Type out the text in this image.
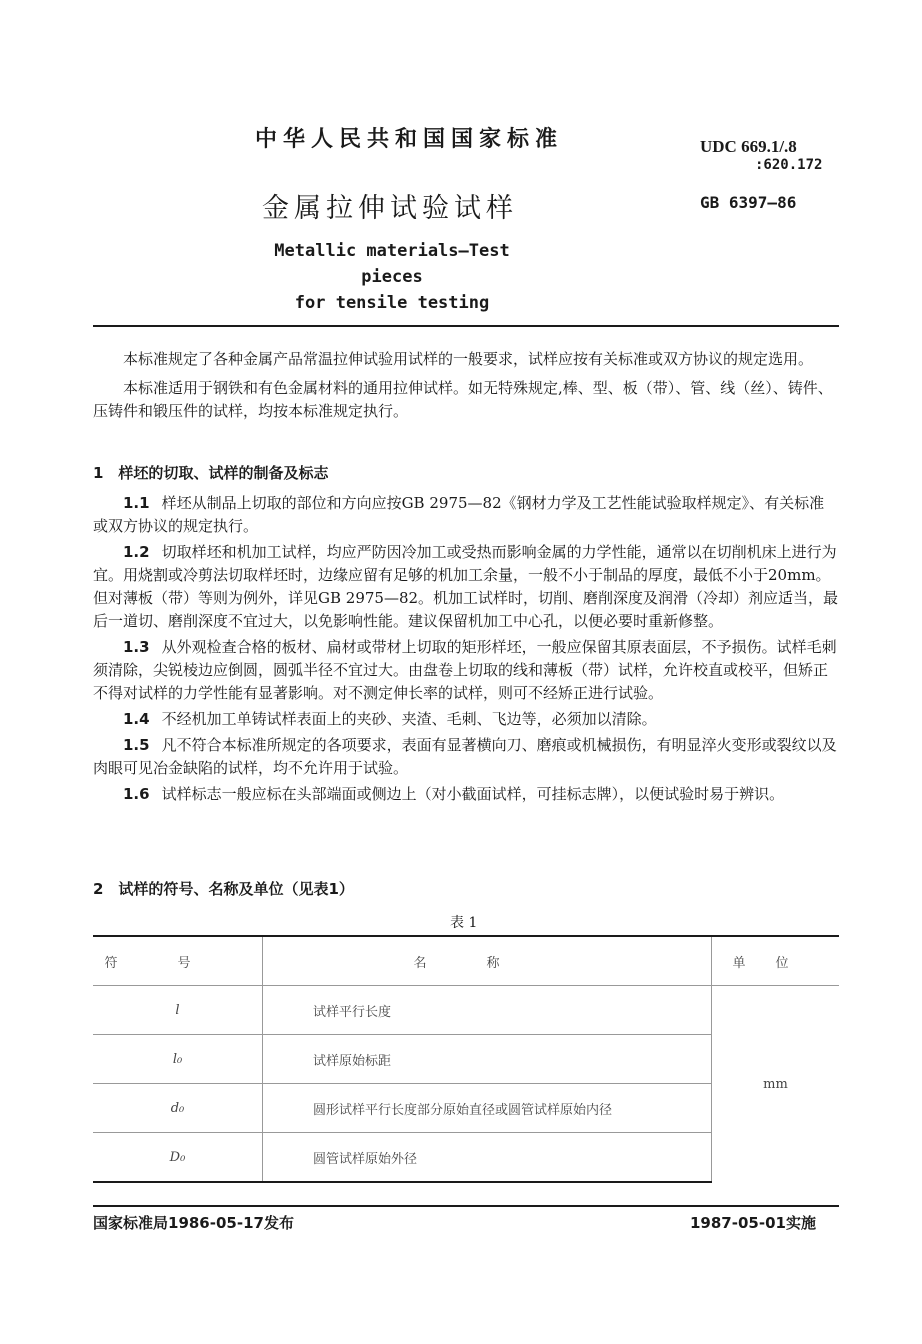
中华人民共和国国家标准	UDC 669.1/.8
:620.172
金属拉伸试验试样	GB 6397—86
Metallic materials—Test pieces
for tensile testing

本标准规定了各种金属产品常温拉伸试验用试样的一般要求，试样应按有关标准或双方协议的规定选用。

本标准适用于钢铁和有色金属材料的通用拉伸试样。如无特殊规定,棒、型、板（带）、管、线（丝）、铸件、压铸件和锻压件的试样，均按本标准规定执行。

1　样坯的切取、试样的制备及标志

1.1 样坯从制品上切取的部位和方向应按GB 2975—82《钢材力学及工艺性能试验取样规定》、有关标准或双方协议的规定执行。

1.2 切取样坯和机加工试样，均应严防因冷加工或受热而影响金属的力学性能，通常以在切削机床上进行为宜。用烧割或冷剪法切取样坯时，边缘应留有足够的机加工余量，一般不小于制品的厚度，最低不小于20mm。但对薄板（带）等则为例外，详见GB 2975—82。机加工试样时，切削、磨削深度及润滑（冷却）剂应适当，最后一道切、磨削深度不宜过大，以免影响性能。建议保留机加工中心孔，以便必要时重新修整。

1.3 从外观检查合格的板材、扁材或带材上切取的矩形样坯，一般应保留其原表面层，不予损伤。试样毛刺须清除，尖锐棱边应倒圆，圆弧半径不宜过大。由盘卷上切取的线和薄板（带）试样，允许校直或校平，但矫正不得对试样的力学性能有显著影响。对不测定伸长率的试样，则可不经矫正进行试验。

1.4 不经机加工单铸试样表面上的夹砂、夹渣、毛刺、飞边等，必须加以清除。

1.5 凡不符合本标准所规定的各项要求，表面有显著横向刀、磨痕或机械损伤，有明显淬火变形或裂纹以及肉眼可见冶金缺陷的试样，均不允许用于试验。

1.6 试样标志一般应标在头部端面或侧边上（对小截面试样，可挂标志牌），以便试验时易于辨识。

2　试样的符号、名称及单位（见表1）
表 1
符号	名称	单位
l	试样平行长度	mm
l₀	试样原始标距	
d₀	圆形试样平行长度部分原始直径或圆管试样原始内径	
D₀	圆管试样原始外径	
国家标准局1986-05-17发布	1987-05-01实施
